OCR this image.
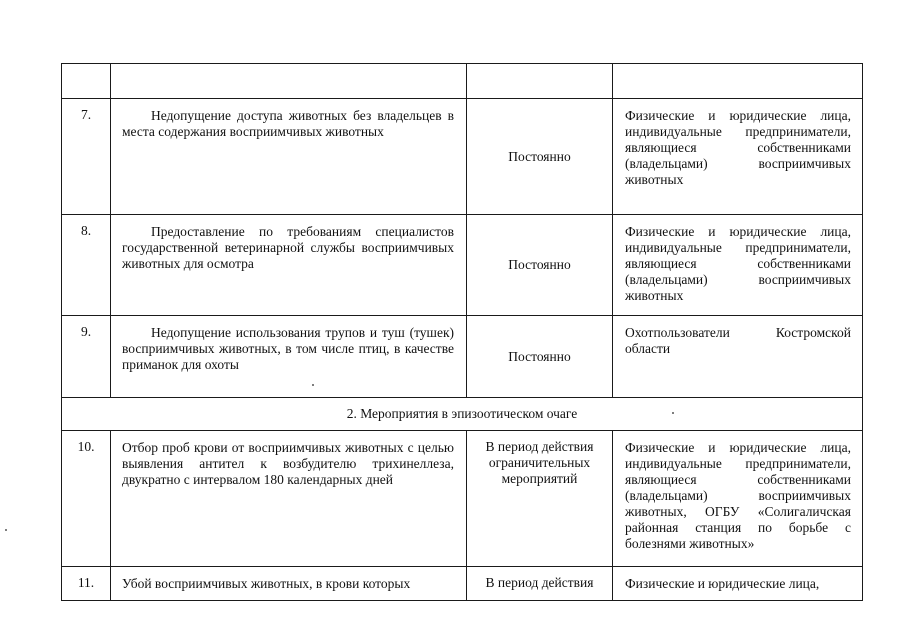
7.	Недопущение доступа животных без владельцев в места содержания восприимчивых животных	Постоянно	Физические и юридические лица, индивидуальные предприниматели, являющиеся собственниками (владельцами) восприимчивых животных
8.	Предоставление по требованиям специалистов государственной ветеринарной службы восприимчивых животных для осмотра	Постоянно	Физические и юридические лица, индивидуальные предприниматели, являющиеся собственниками (владельцами) восприимчивых животных
9.	Недопущение использования трупов и туш (тушек) восприимчивых животных, в том числе птиц, в качестве приманок для охоты	Постоянно	Охотпользователи Костромской области
2. Мероприятия в эпизоотическом очаге			
10.	Отбор проб крови от восприимчивых животных с целью выявления антител к возбудителю трихинеллеза, двукратно с интервалом 180 календарных дней	В период действия ограничительных мероприятий	Физические и юридические лица, индивидуальные предприниматели, являющиеся собственниками (владельцами) восприимчивых животных, ОГБУ «Солигаличская районная станция по борьбе с болезнями животных»
11.	Убой восприимчивых животных, в крови которых	В период действия	Физические и юридические лица,
